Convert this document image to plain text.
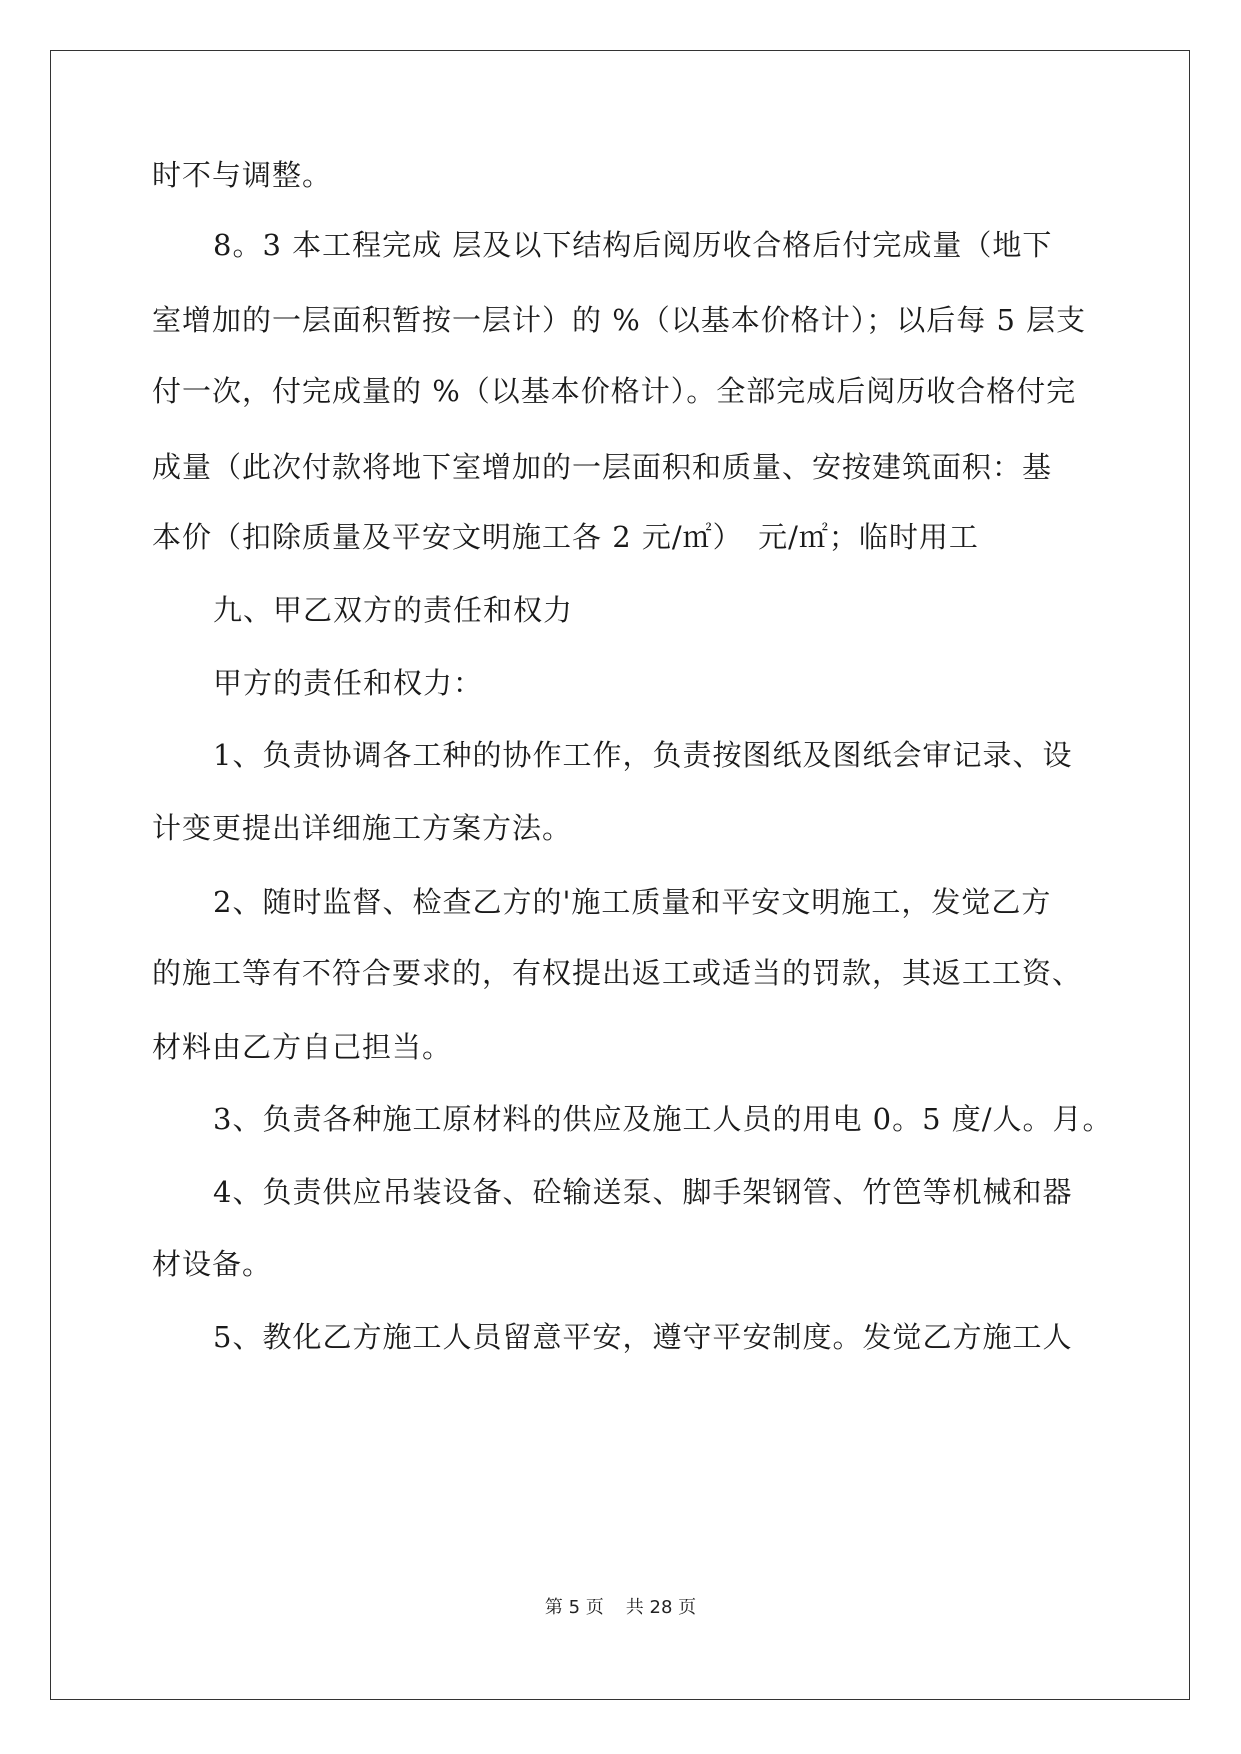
时不与调整。
8。3 本工程完成 层及以下结构后阅历收合格后付完成量（地下
室增加的一层面积暂按一层计）的 %（以基本价格计）；以后每 5 层支
付一次，付完成量的 %（以基本价格计）。全部完成后阅历收合格付完
成量（此次付款将地下室增加的一层面积和质量、安按建筑面积：基
本价（扣除质量及平安文明施工各 2 元/㎡）　元/㎡；临时用工
九、甲乙双方的责任和权力
甲方的责任和权力：
1、负责协调各工种的协作工作，负责按图纸及图纸会审记录、设
计变更提出详细施工方案方法。
2、随时监督、检查乙方的'施工质量和平安文明施工，发觉乙方
的施工等有不符合要求的，有权提出返工或适当的罚款，其返工工资、
材料由乙方自己担当。
3、负责各种施工原材料的供应及施工人员的用电 0。5 度/人。月。
4、负责供应吊装设备、砼输送泵、脚手架钢管、竹笆等机械和器
材设备。
5、教化乙方施工人员留意平安，遵守平安制度。发觉乙方施工人
第 5 页 共 28 页
